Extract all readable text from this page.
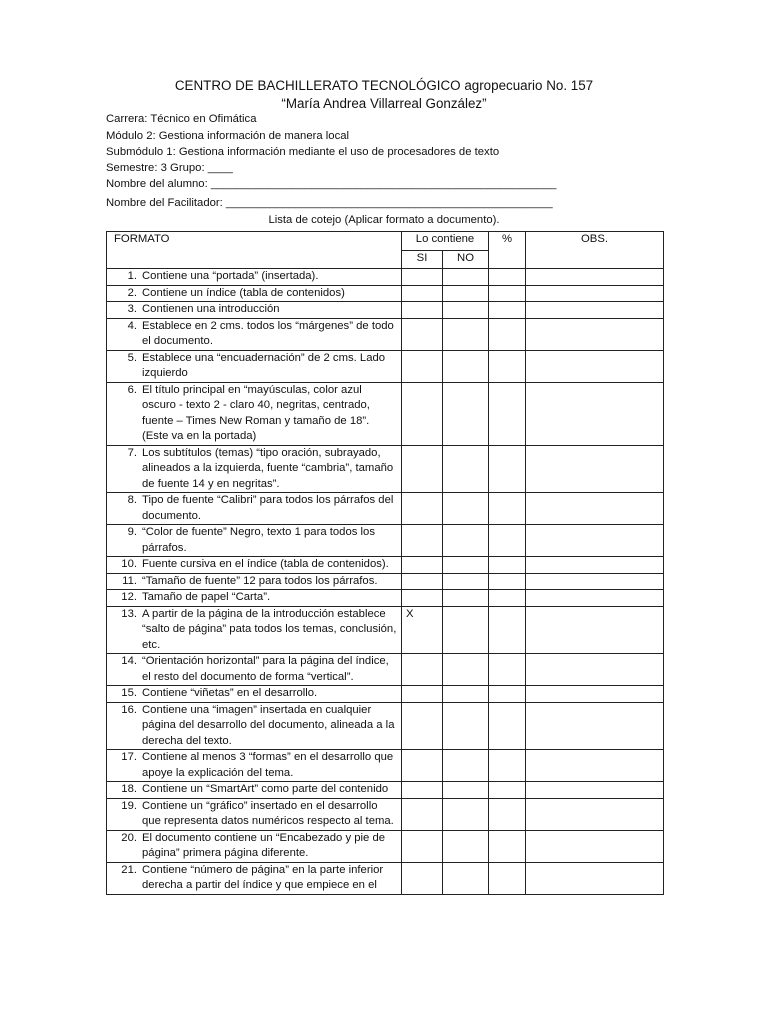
CENTRO DE BACHILLERATO TECNOLÓGICO agropecuario No. 157
“María Andrea Villarreal González”
Carrera: Técnico en Ofimática
Módulo 2: Gestiona información de manera local
Submódulo 1: Gestiona información mediante el uso de procesadores de texto
Semestre: 3 Grupo: ____
Nombre del alumno: _______________________________________________________
Nombre del Facilitador: ____________________________________________________
Lista de cotejo (Aplicar formato a documento).
FORMATO	Lo contiene		%	OBS.
	SI	NO		

1. Contiene una “portada” (insertada).				

2. Contiene un índice (tabla de contenidos)				

3. Contienen una introducción				

4. Establece en 2 cms. todos los “márgenes” de todo el documento.				

5. Establece una “encuadernación” de 2 cms. Lado izquierdo				

6. El título principal en “mayúsculas, color azul oscuro - texto 2 - claro 40, negritas, centrado, fuente – Times New Roman y tamaño de 18”. (Este va en la portada)				

7. Los subtítulos (temas) “tipo oración, subrayado, alineados a la izquierda, fuente “cambria”, tamaño de fuente 14 y en negritas”.				

8. Tipo de fuente “Calibri” para todos los párrafos del documento.				

9. “Color de fuente” Negro, texto 1 para todos los párrafos.				

10. Fuente cursiva en el índice (tabla de contenidos).				

11. “Tamaño de fuente” 12 para todos los párrafos.				

12. Tamaño de papel “Carta”.				

13. A partir de la página de la introducción establece “salto de página” pata todos los temas, conclusión, etc.	X			

14. “Orientación horizontal” para la página del índice, el resto del documento de forma “vertical”.				

15. Contiene “viñetas” en el desarrollo.				

16. Contiene una “imagen” insertada en cualquier página del desarrollo del documento, alineada a la derecha del texto.				

17. Contiene al menos 3 “formas” en el desarrollo que apoye la explicación del tema.				

18. Contiene un “SmartArt” como parte del contenido				

19. Contiene un “gráfico” insertado en el desarrollo que representa datos numéricos respecto al tema.				

20. El documento contiene un “Encabezado y pie de página” primera página diferente.				

21. Contiene “número de página” en la parte inferior derecha a partir del índice y que empiece en el				
